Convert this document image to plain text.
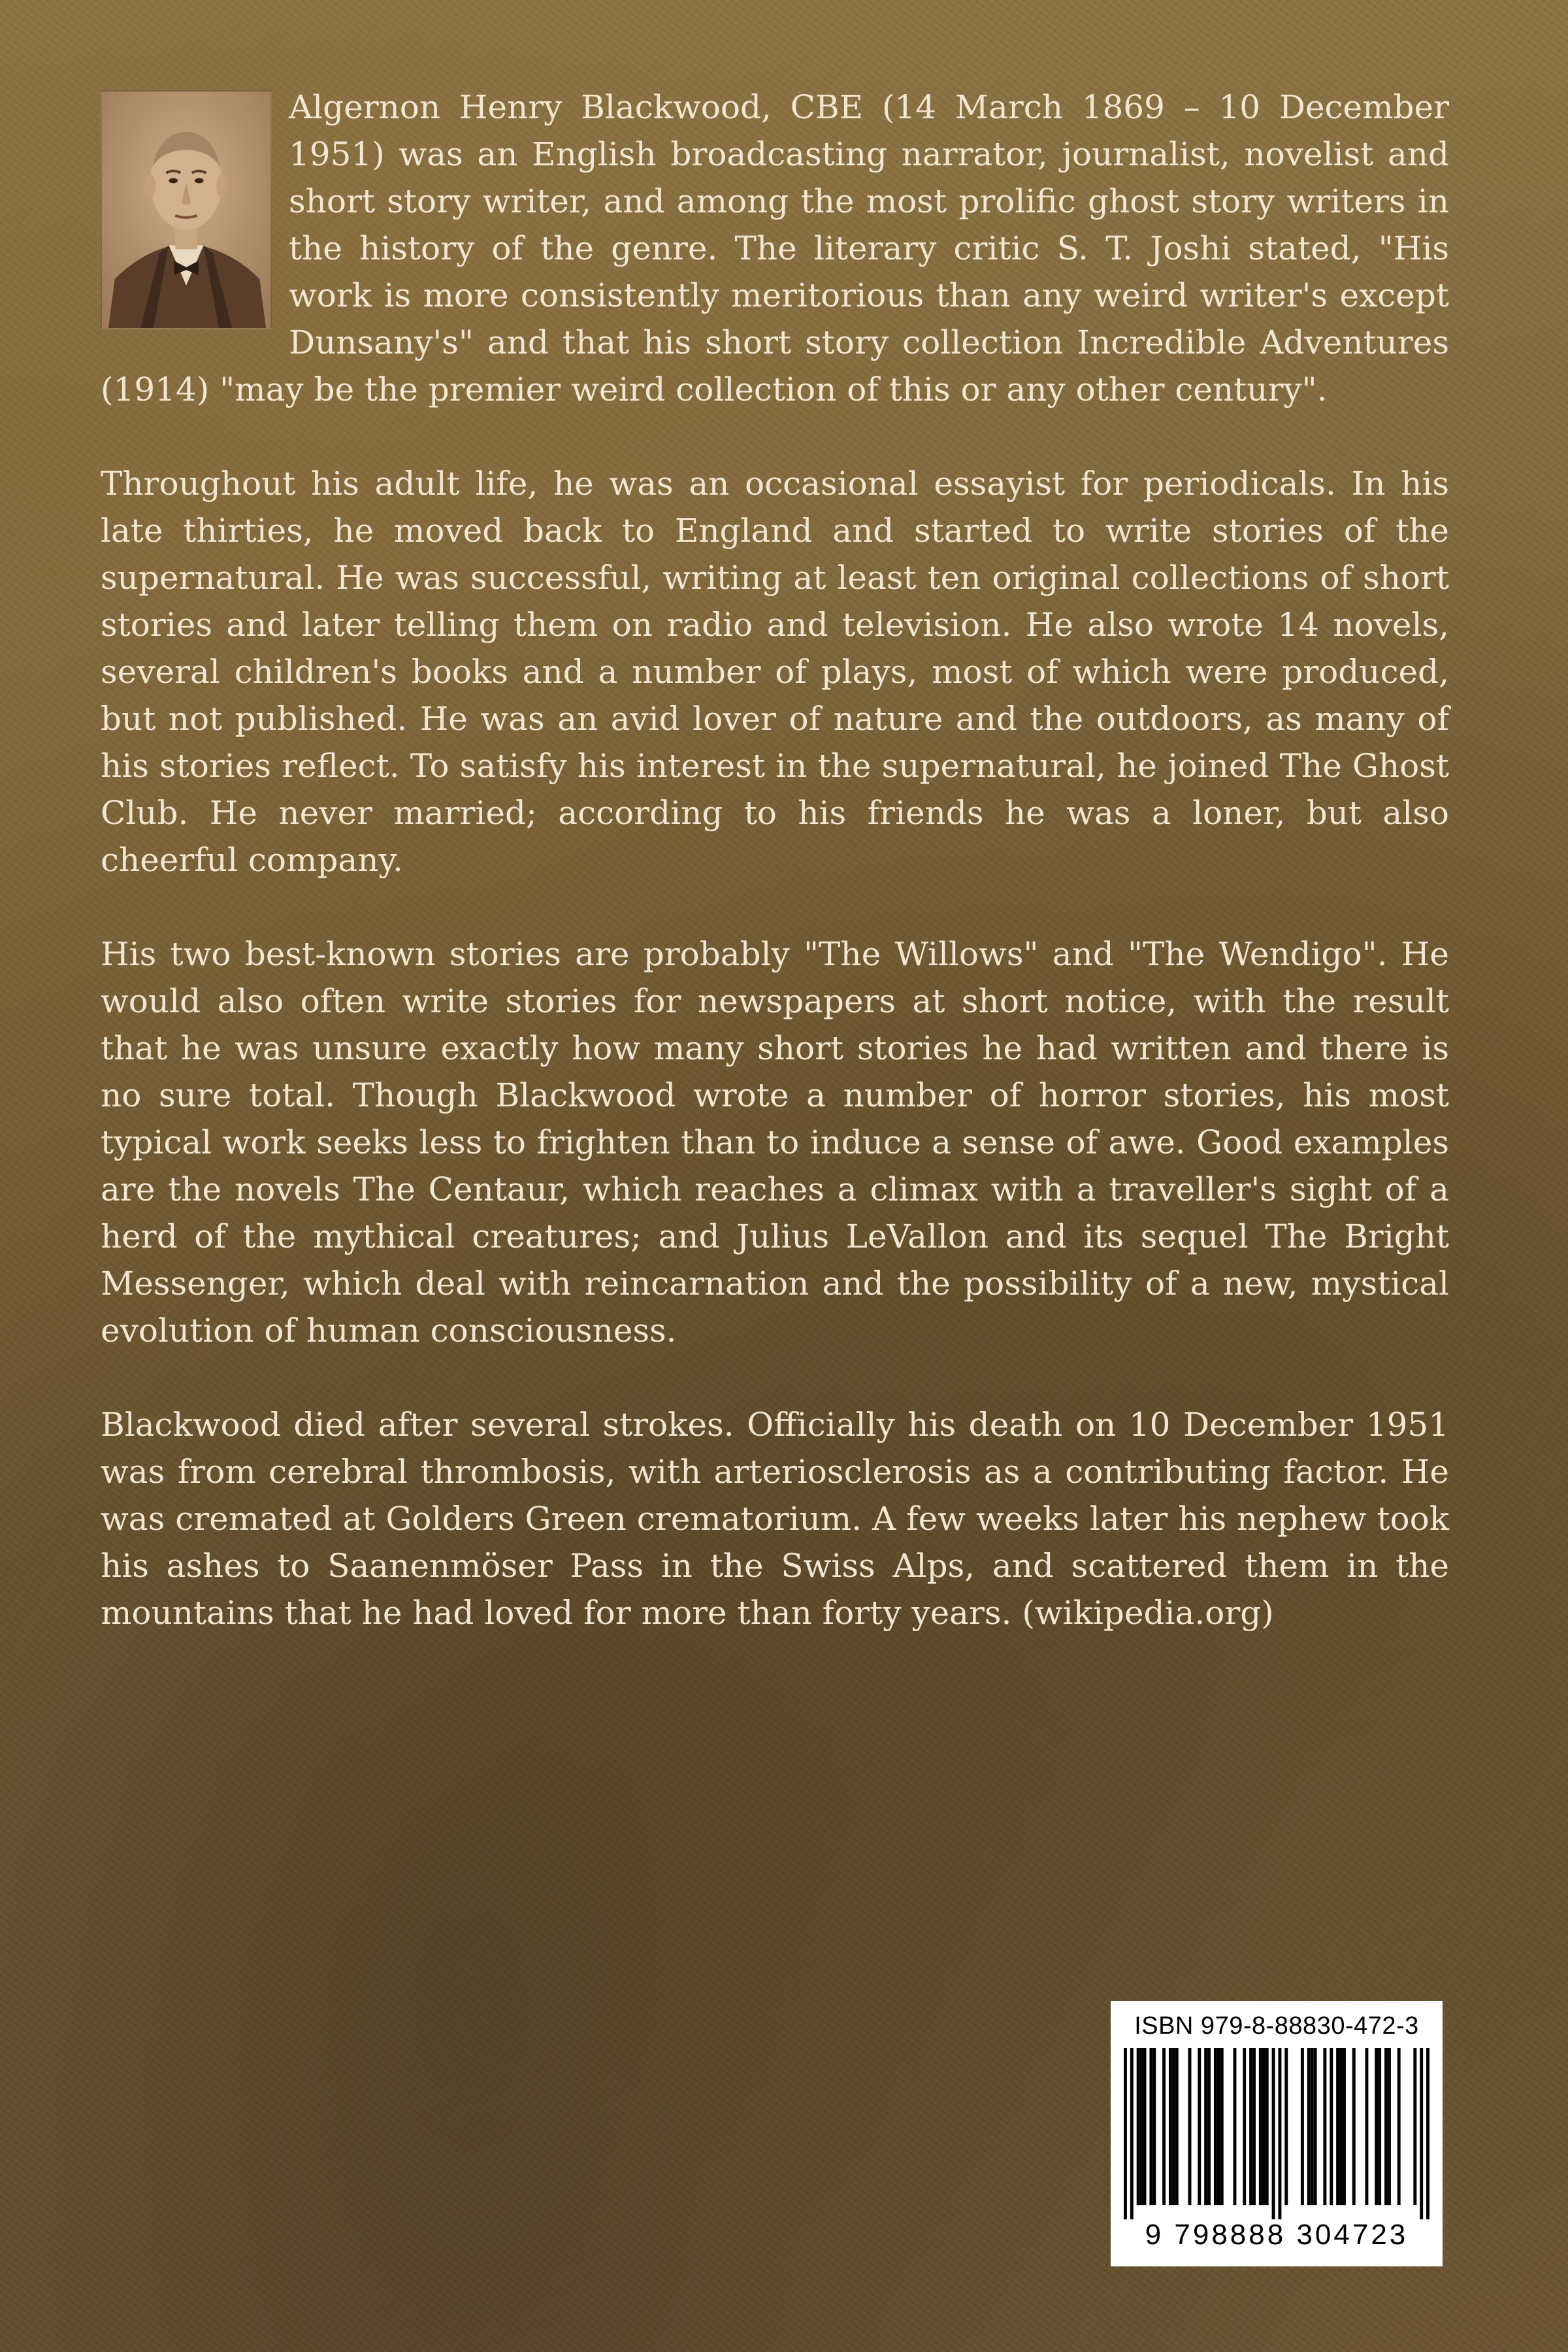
Algernon Henry Blackwood, CBE (14 March 1869 – 10 December 1951) was an English broadcasting narrator, journalist, novelist and short story writer, and among the most prolific ghost story writers in the history of the genre. The literary critic S. T. Joshi stated, "His work is more consistently meritorious than any weird writer's except Dunsany's" and that his short story collection Incredible Adventures (1914) "may be the premier weird collection of this or any other century".

Throughout his adult life, he was an occasional essayist for periodicals. In his late thirties, he moved back to England and started to write stories of the supernatural. He was successful, writing at least ten original collections of short stories and later telling them on radio and television. He also wrote 14 novels, several children's books and a number of plays, most of which were produced, but not published. He was an avid lover of nature and the outdoors, as many of his stories reflect. To satisfy his interest in the supernatural, he joined The Ghost Club. He never married; according to his friends he was a loner, but also cheerful company.

His two best-known stories are probably "The Willows" and "The Wendigo". He would also often write stories for newspapers at short notice, with the result that he was unsure exactly how many short stories he had written and there is no sure total. Though Blackwood wrote a number of horror stories, his most typical work seeks less to frighten than to induce a sense of awe. Good examples are the novels The Centaur, which reaches a climax with a traveller's sight of a herd of the mythical creatures; and Julius LeVallon and its sequel The Bright Messenger, which deal with reincarnation and the possibility of a new, mystical evolution of human consciousness.

Blackwood died after several strokes. Officially his death on 10 December 1951 was from cerebral thrombosis, with arteriosclerosis as a contributing factor. He was cremated at Golders Green crematorium. A few weeks later his nephew took his ashes to Saanenmöser Pass in the Swiss Alps, and scattered them in the mountains that he had loved for more than forty years. (wikipedia.org)

ISBN 979-8-88830-472-3
9 798888 304723
